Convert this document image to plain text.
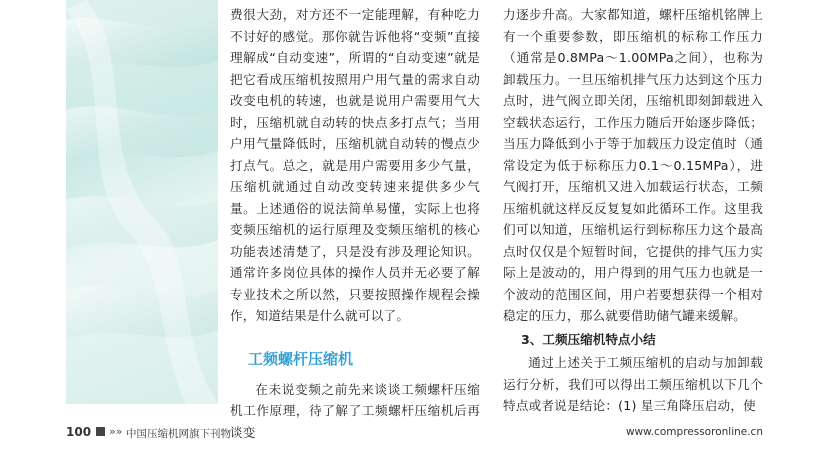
费很大劲，对方还不一定能理解，有种吃力不讨好的感觉。那你就告诉他将“变频”直接理解成“自动变速”，所谓的“自动变速”就是把它看成压缩机按照用户用气量的需求自动改变电机的转速，也就是说用户需要用气大时，压缩机就自动转的快点多打点气；当用户用气量降低时，压缩机就自动转的慢点少打点气。总之，就是用户需要用多少气量，压缩机就通过自动改变转速来提供多少气量。上述通俗的说法简单易懂，实际上也将变频压缩机的运行原理及变频压缩机的核心功能表述清楚了，只是没有涉及理论知识。通常许多岗位具体的操作人员并无必要了解专业技术之所以然，只要按照操作规程会操作，知道结果是什么就可以了。

工频螺杆压缩机

在未说变频之前先来谈谈工频螺杆压缩机工作原理，待了解了工频螺杆压缩机后再谈变

力逐步升高。大家都知道，螺杆压缩机铭牌上有一个重要参数，即压缩机的标称工作压力（通常是0.8MPa～1.00MPa之间），也称为卸载压力。一旦压缩机排气压力达到这个压力点时，进气阀立即关闭，压缩机即刻卸载进入空载状态运行，工作压力随后开始逐步降低；当压力降低到小于等于加载压力设定值时（通常设定为低于标称压力0.1～0.15MPa），进气阀打开，压缩机又进入加载运行状态，工频压缩机就这样反反复复如此循环工作。这里我们可以知道，压缩机运行到标称压力这个最高点时仅仅是个短暂时间，它提供的排气压力实际上是波动的，用户得到的用气压力也就是一个波动的范围区间，用户若要想获得一个相对稳定的压力，那么就要借助储气罐来缓解。

3、工频压缩机特点小结

通过上述关于工频压缩机的启动与加卸载运行分析，我们可以得出工频压缩机以下几个特点或者说是结论：(1) 星三角降压启动，使

100 »» 中国压缩机网旗下刊物	www.compressoronline.cn
